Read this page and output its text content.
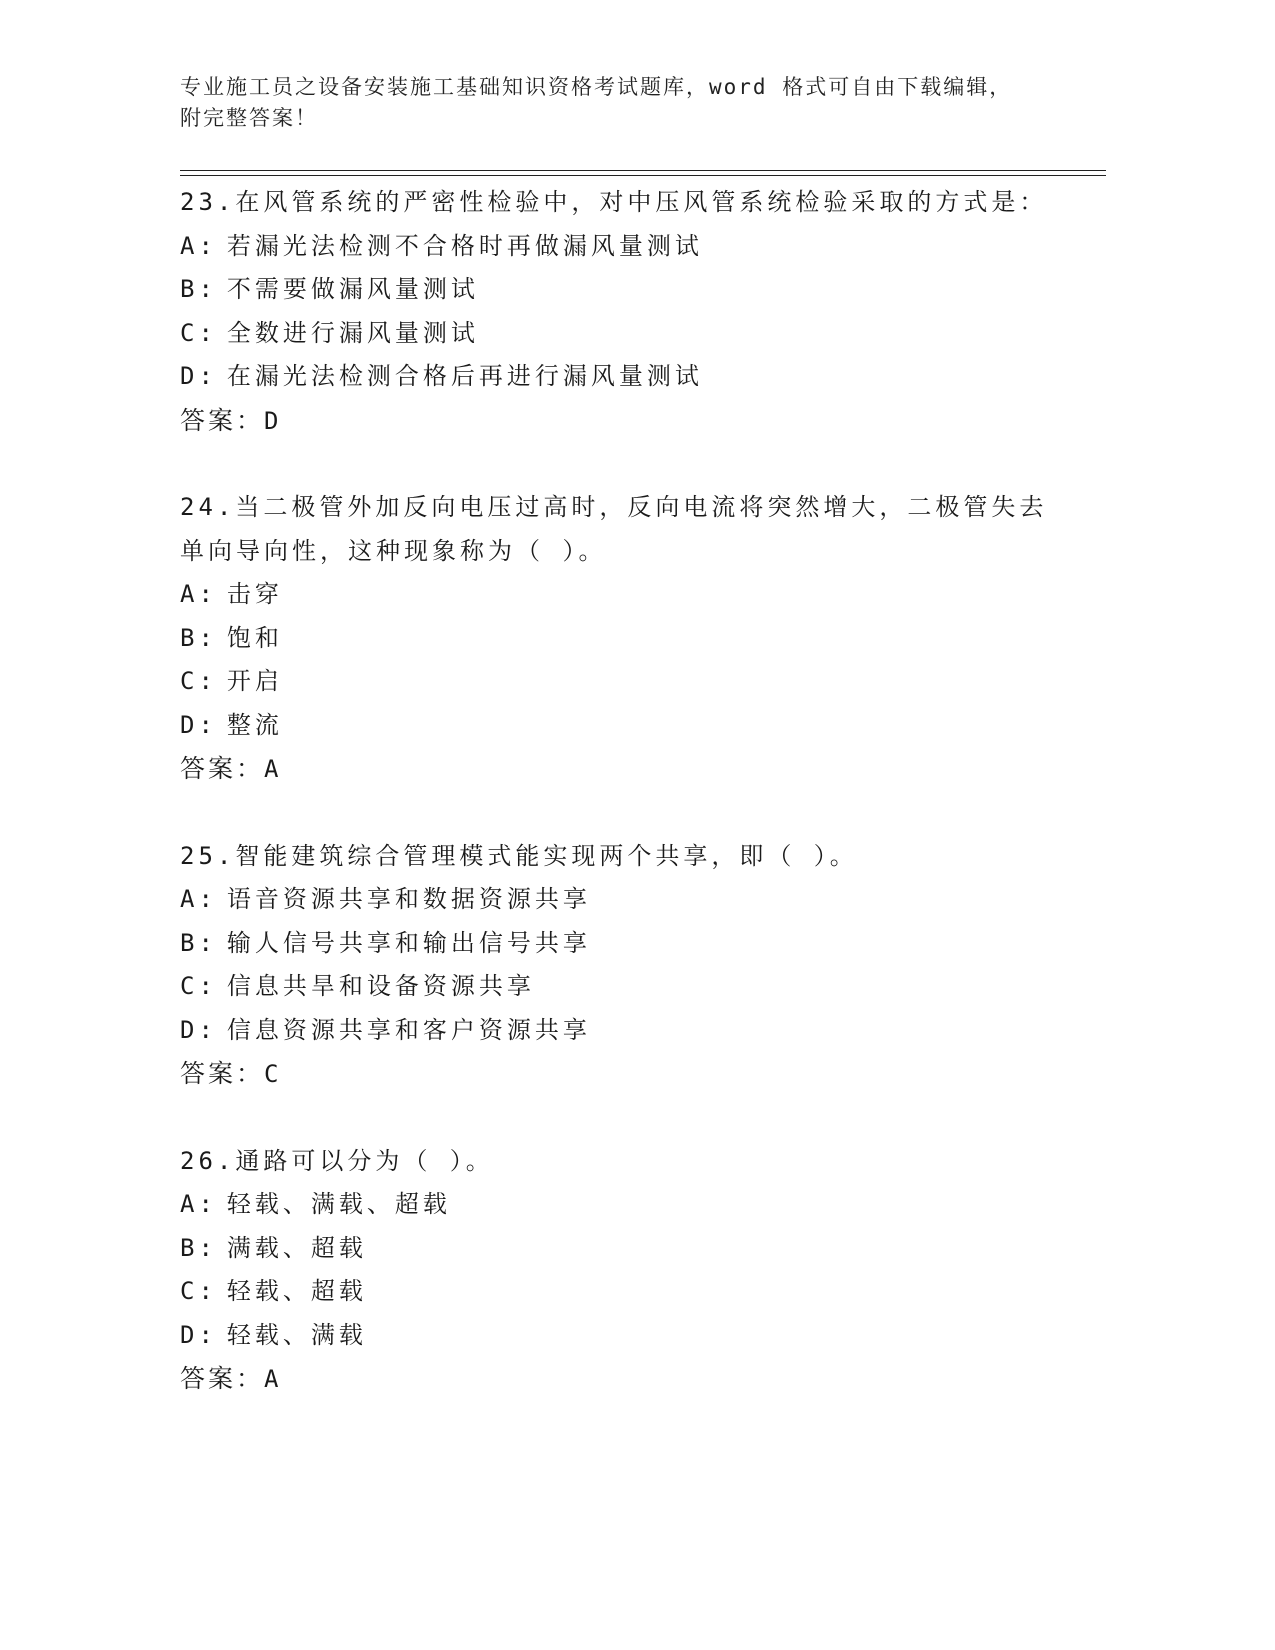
专业施工员之设备安装施工基础知识资格考试题库，word 格式可自由下载编辑，
附完整答案！
23.在风管系统的严密性检验中，对中压风管系统检验采取的方式是：
A: 若漏光法检测不合格时再做漏风量测试
B: 不需要做漏风量测试
C: 全数进行漏风量测试
D: 在漏光法检测合格后再进行漏风量测试
答案：D
24.当二极管外加反向电压过高时，反向电流将突然增大，二极管失去单向导向性，这种现象称为（ ）。
A: 击穿
B: 饱和
C: 开启
D: 整流
答案：A
25.智能建筑综合管理模式能实现两个共享，即（ ）。
A: 语音资源共享和数据资源共享
B: 输人信号共享和输出信号共享
C: 信息共旱和设备资源共享
D: 信息资源共享和客户资源共享
答案：C
26.通路可以分为（ ）。
A: 轻载、满载、超载
B: 满载、超载
C: 轻载、超载
D: 轻载、满载
答案：A
